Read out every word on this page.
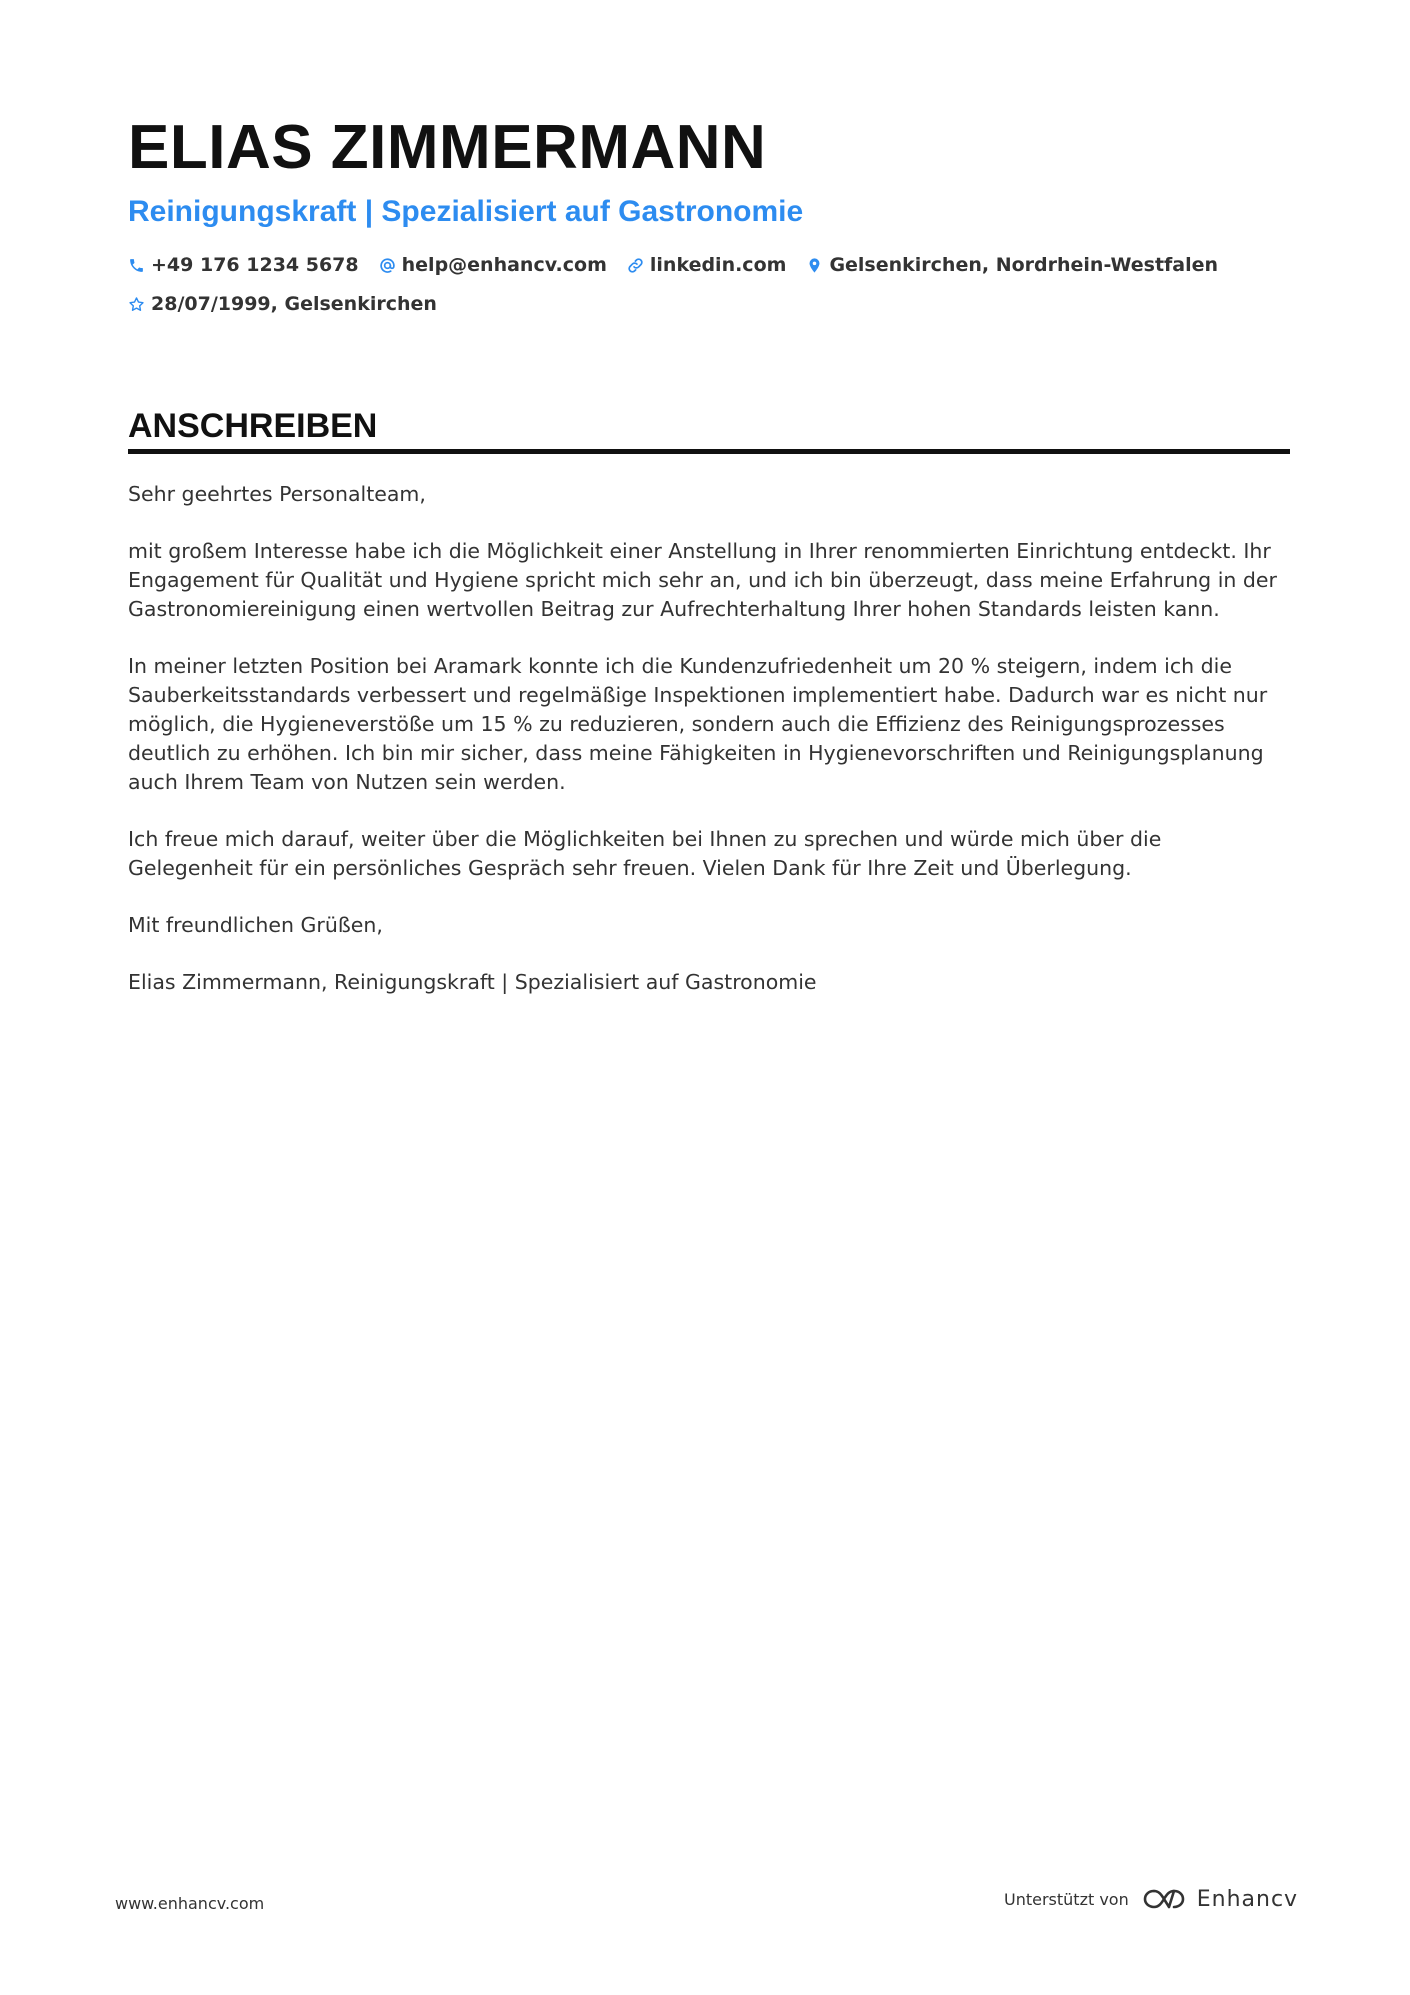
ELIAS ZIMMERMANN
Reinigungskraft | Spezialisiert auf Gastronomie
+49 176 1234 5678 help@enhancv.com linkedin.com Gelsenkirchen, Nordrhein-Westfalen
28/07/1999, Gelsenkirchen
ANSCHREIBEN

Sehr geehrtes Personalteam,

mit großem Interesse habe ich die Möglichkeit einer Anstellung in Ihrer renommierten Einrichtung entdeckt. Ihr Engagement für Qualität und Hygiene spricht mich sehr an, und ich bin überzeugt, dass meine Erfahrung in der Gastronomiereinigung einen wertvollen Beitrag zur Aufrechterhaltung Ihrer hohen Standards leisten kann.

In meiner letzten Position bei Aramark konnte ich die Kundenzufriedenheit um 20 % steigern, indem ich die Sauberkeitsstandards verbessert und regelmäßige Inspektionen implementiert habe. Dadurch war es nicht nur möglich, die Hygieneverstöße um 15 % zu reduzieren, sondern auch die Effizienz des Reinigungsprozesses deutlich zu erhöhen. Ich bin mir sicher, dass meine Fähigkeiten in Hygienevorschriften und Reinigungsplanung auch Ihrem Team von Nutzen sein werden.

Ich freue mich darauf, weiter über die Möglichkeiten bei Ihnen zu sprechen und würde mich über die Gelegenheit für ein persönliches Gespräch sehr freuen. Vielen Dank für Ihre Zeit und Überlegung.

Mit freundlichen Grüßen,

Elias Zimmermann, Reinigungskraft | Spezialisiert auf Gastronomie

www.enhancv.com	Unterstützt von	Enhancv
